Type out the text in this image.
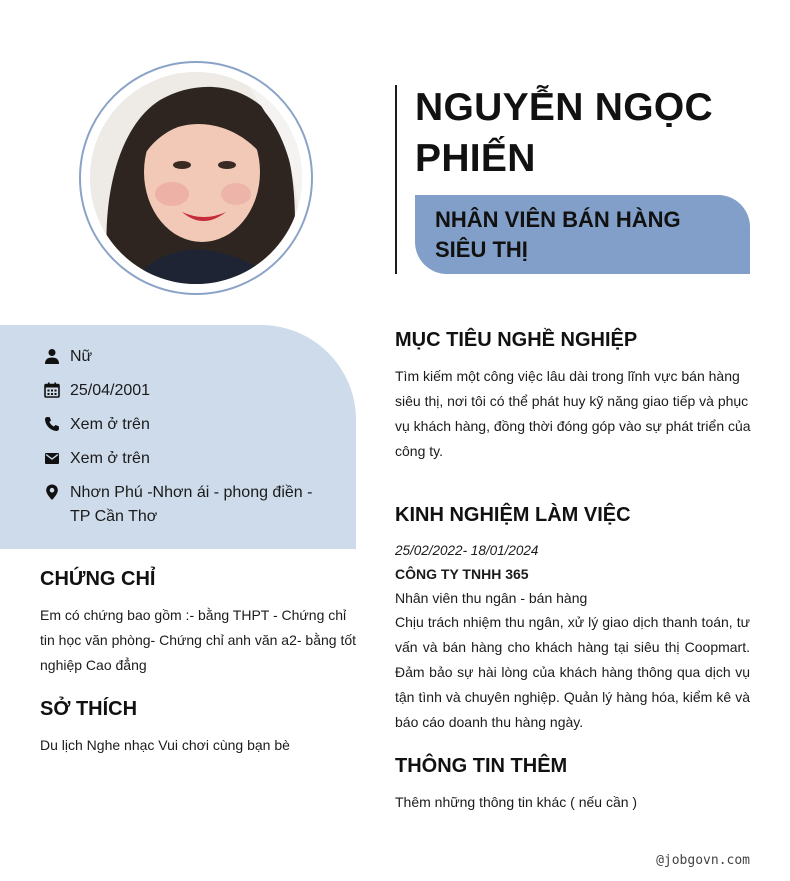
NGUYỄN NGỌC PHIẾN
NHÂN VIÊN BÁN HÀNG SIÊU THỊ
Nữ
25/04/2001
Xem ở trên
Xem ở trên
Nhơn Phú -Nhơn ái - phong điền - TP Cần Thơ
CHỨNG CHỈ

Em có chứng bao gồm :- bằng THPT - Chứng chỉ tin học văn phòng- Chứng chỉ anh văn a2- bằng tốt nghiệp Cao đẳng

SỞ THÍCH

Du lịch Nghe nhạc Vui chơi cùng bạn bè

MỤC TIÊU NGHỀ NGHIỆP

Tìm kiếm một công việc lâu dài trong lĩnh vực bán hàng siêu thị, nơi tôi có thể phát huy kỹ năng giao tiếp và phục vụ khách hàng, đồng thời đóng góp vào sự phát triển của công ty.

KINH NGHIỆM LÀM VIỆC

25/02/2022- 18/01/2024

CÔNG TY TNHH 365

Nhân viên thu ngân - bán hàng

Chịu trách nhiệm thu ngân, xử lý giao dịch thanh toán, tư vấn và bán hàng cho khách hàng tại siêu thị Coopmart. Đảm bảo sự hài lòng của khách hàng thông qua dịch vụ tận tình và chuyên nghiệp. Quản lý hàng hóa, kiểm kê và báo cáo doanh thu hàng ngày.

THÔNG TIN THÊM

Thêm những thông tin khác ( nếu cần )

@jobgovn.com
